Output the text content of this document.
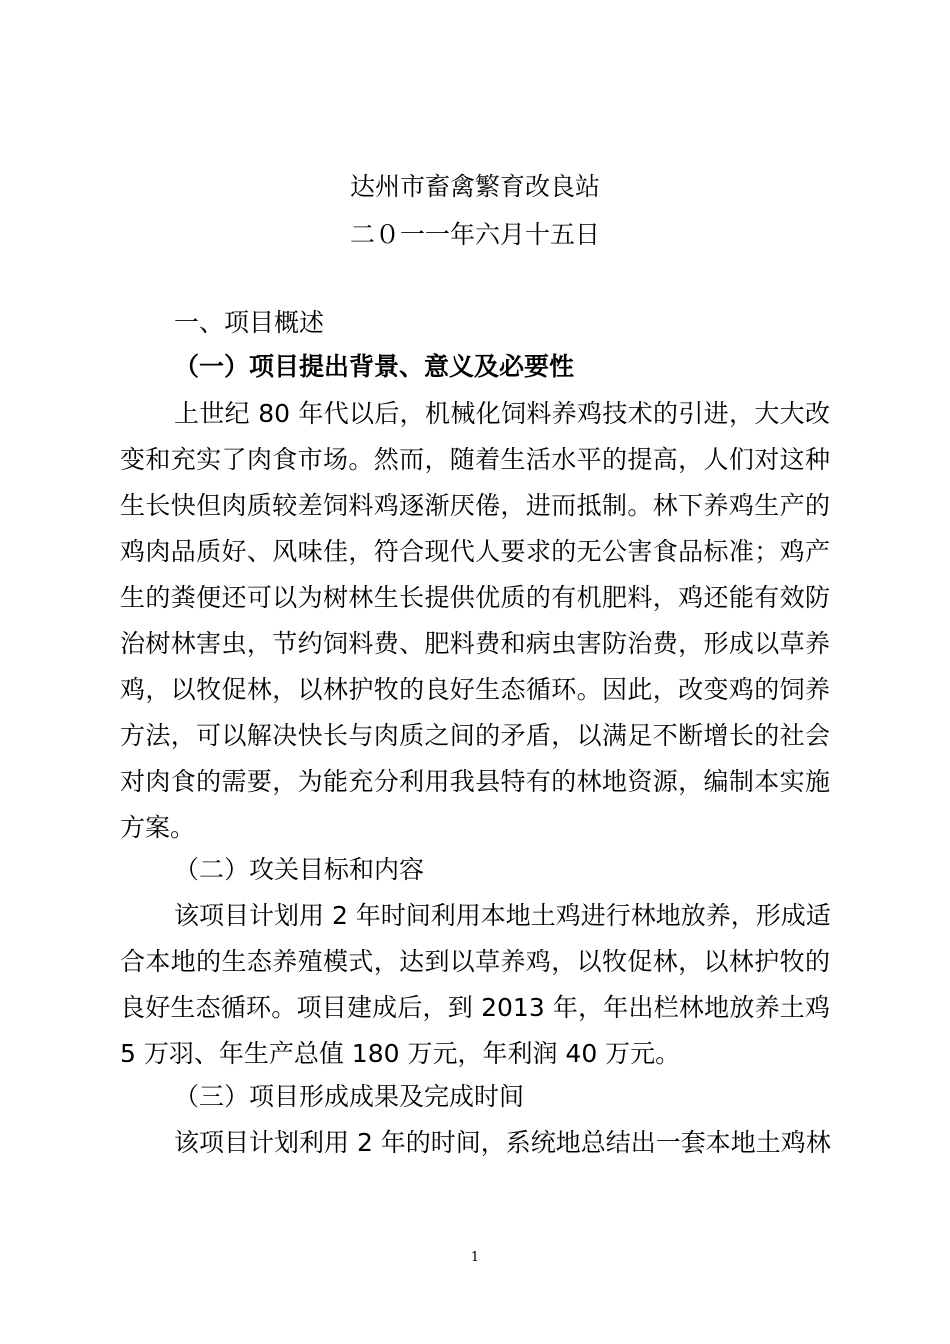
达州市畜禽繁育改良站
二０一一年六月十五日
一、项目概述
（一）项目提出背景、意义及必要性
上世纪 80 年代以后，机械化饲料养鸡技术的引进，大大改
变和充实了肉食市场。然而，随着生活水平的提高，人们对这种
生长快但肉质较差饲料鸡逐渐厌倦，进而抵制。林下养鸡生产的
鸡肉品质好、风味佳，符合现代人要求的无公害食品标准；鸡产
生的粪便还可以为树林生长提供优质的有机肥料，鸡还能有效防
治树林害虫，节约饲料费、肥料费和病虫害防治费，形成以草养
鸡，以牧促林，以林护牧的良好生态循环。因此，改变鸡的饲养
方法，可以解决快长与肉质之间的矛盾，以满足不断增长的社会
对肉食的需要，为能充分利用我县特有的林地资源，编制本实施
方案。
（二）攻关目标和内容
该项目计划用 2 年时间利用本地土鸡进行林地放养，形成适
合本地的生态养殖模式，达到以草养鸡，以牧促林，以林护牧的
良好生态循环。项目建成后，到 2013 年，年出栏林地放养土鸡
5 万羽、年生产总值 180 万元，年利润 40 万元。
（三）项目形成成果及完成时间
该项目计划利用 2 年的时间，系统地总结出一套本地土鸡林
1
